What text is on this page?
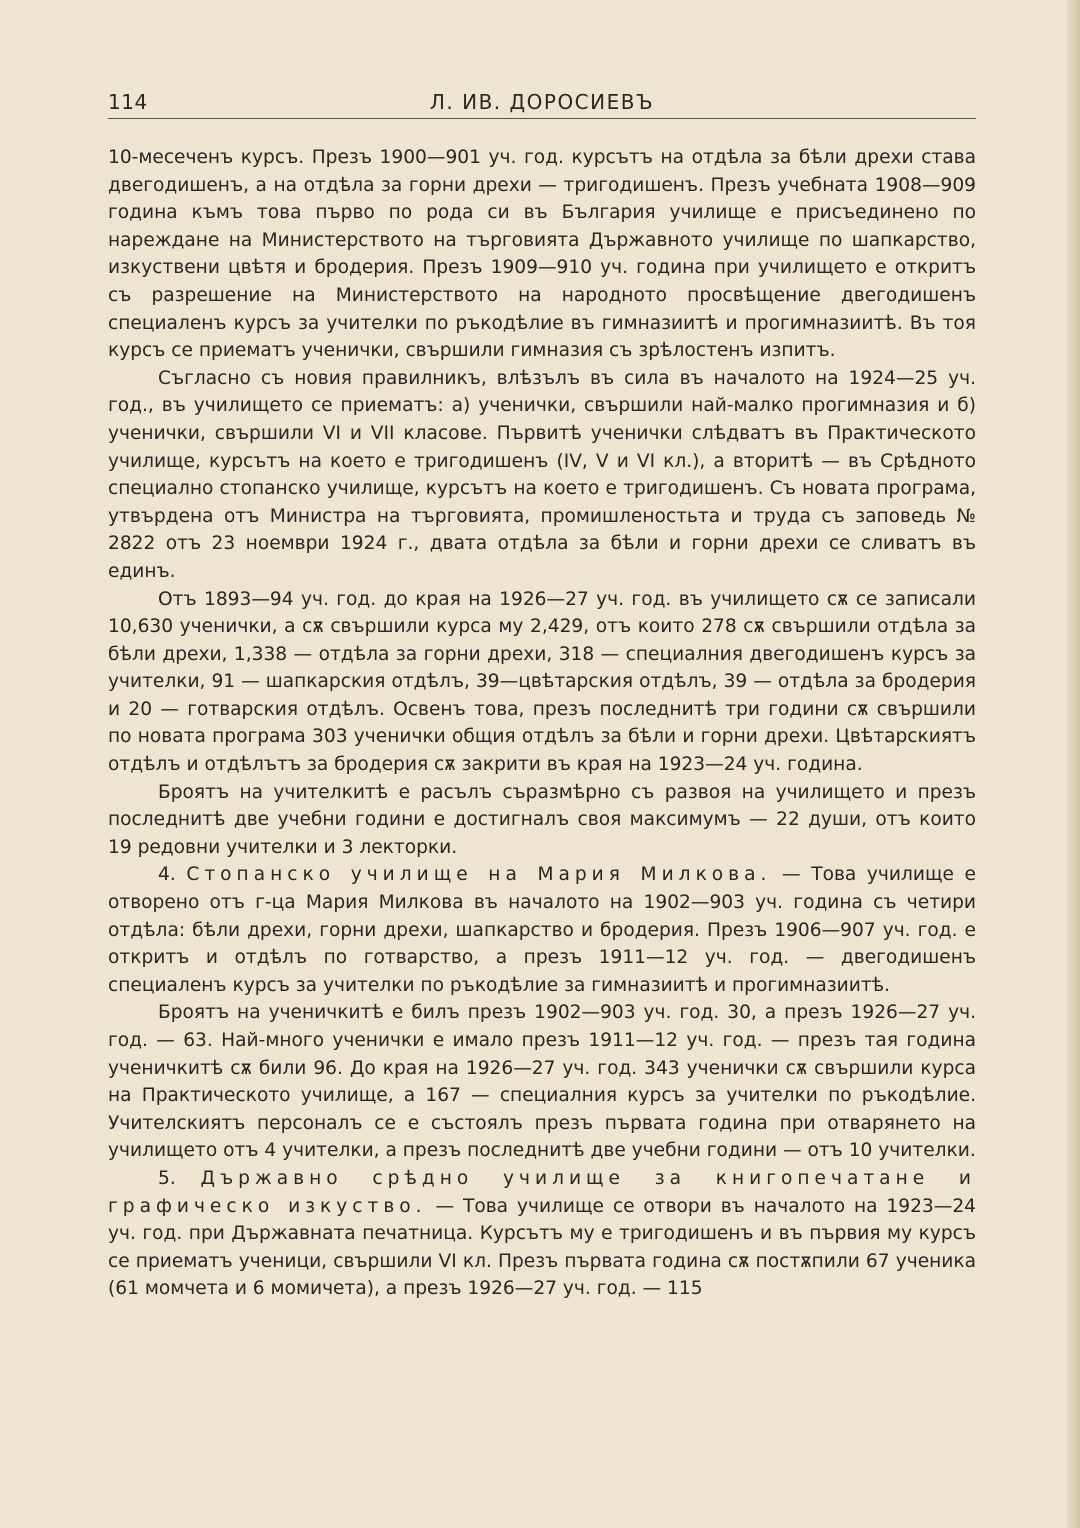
114	Л. ИВ. ДОРОСИЕВЪ

10-месеченъ курсъ. Презъ 1900—901 уч. год. курсътъ на отдѣла за бѣли дрехи става двегодишенъ, а на отдѣла за горни дрехи — тригодишенъ. Презъ учебната 1908—909 година къмъ това първо по рода си въ България училище е присъединено по нареждане на Министерството на търговията Държавното училище по шапкарство, изкуствени цвѣтя и бродерия. Презъ 1909—910 уч. година при училището е откритъ съ разрешение на Министерството на народното просвѣщение двегодишенъ специаленъ курсъ за учителки по ръкодѣлие въ гимназиитѣ и прогимназиитѣ. Въ тоя курсъ се приематъ ученички, свършили гимназия съ зрѣлостенъ изпитъ.

Съгласно съ новия правилникъ, влѣзълъ въ сила въ началото на 1924—25 уч. год., въ училището се приематъ: а) ученички, свършили най-малко прогимназия и б) ученички, свършили VI и VII класове. Първитѣ ученички слѣдватъ въ Практическото училище, курсътъ на което е тригодишенъ (IV, V и VI кл.), а втoритѣ — въ Срѣдното специално стопанско училище, курсътъ на което е тригодишенъ. Съ новата програма, утвърдена отъ Министра на търговията, промишленостьта и труда съ заповедь № 2822 отъ 23 ноември 1924 г., двата отдѣла за бѣли и горни дрехи се сливатъ въ единъ.

Отъ 1893—94 уч. год. до края на 1926—27 уч. год. въ училището сѫ се записали 10,630 ученички, а сѫ свършили курса му 2,429, отъ които 278 сѫ свършили отдѣла за бѣли дрехи, 1,338 — отдѣла за горни дрехи, 318 — специалния двегодишенъ курсъ за учителки, 91 — шапкарския отдѣлъ, 39—цвѣтарския отдѣлъ, 39 — отдѣла за бродерия и 20 — готварския отдѣлъ. Освенъ това, презъ последнитѣ три години сѫ свършили по новата програма 303 ученички общия отдѣлъ за бѣли и горни дрехи. Цвѣтарскиятъ отдѣлъ и отдѣлътъ за бродерия сѫ закрити въ края на 1923—24 уч. година.

Броятъ на учителкитѣ е расълъ съразмѣрно съ развоя на училището и презъ последнитѣ две учебни години е достигналъ своя максимумъ — 22 души, отъ които 19 редовни учителки и 3 лекторки.

4. Стопанско училище на Мария Милкова. — Това училище е отворено отъ г-ца Мария Милкова въ началото на 1902—903 уч. година съ четири отдѣла: бѣли дрехи, горни дрехи, шапкарство и бродерия. Презъ 1906—907 уч. год. е откритъ и отдѣлъ по готварство, а презъ 1911—12 уч. год. — двегодишенъ специаленъ курсъ за учителки по ръкодѣлие за гимназиитѣ и прогимназиитѣ.

Броятъ на ученичкитѣ е билъ презъ 1902—903 уч. год. 30, а презъ 1926—27 уч. год. — 63. Най-много ученички е имало презъ 1911—12 уч. год. — презъ тая година ученичкитѣ сѫ били 96. До края на 1926—27 уч. год. 343 ученички сѫ свършили курса на Практическото училище, а 167 — специалния курсъ за учителки по ръкодѣлие. Учителскиятъ персоналъ се е състоялъ презъ първата година при отварянето на училището отъ 4 учителки, а презъ последнитѣ две учебни години — отъ 10 учителки.

5. Държавно срѣдно училище за книгопечатане и графическо изкуство. — Това училище се отвори въ началото на 1923—24 уч. год. при Държавната печатница. Курсътъ му е тригодишенъ и въ първия му курсъ се приематъ ученици, свършили VI кл. Презъ първата година сѫ постѫпили 67 ученика (61 момчета и 6 момичета), а презъ 1926—27 уч. год. — 115
